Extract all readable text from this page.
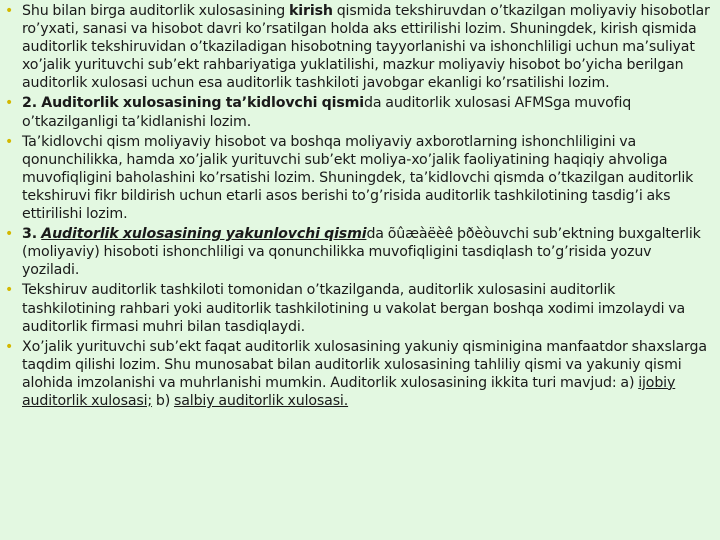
• Shu bilan birga auditorlik xulosasining kirish qismida tekshiruvdan o’tkazilgan moliyaviy hisobotlar ro’yxati, sanasi va hisobot davri ko’rsatilgan holda aks ettirilishi lozim. Shuningdek, kirish qismida auditorlik tekshiruvidan o’tkaziladigan hisobotning tayyorlanishi va ishonchliligi uchun ma’suliyat xo’jalik yurituvchi sub’ekt rahbariyatiga yuklatilishi, mazkur moliyaviy hisobot bo’yicha berilgan auditorlik xulosasi uchun esa auditorlik tashkiloti javobgar ekanligi ko’rsatilishi lozim.
• 2. Auditorlik xulosasining ta’kidlovchi qismida auditorlik xulosasi AFMSga muvofiq o’tkazilganligi ta’kidlanishi lozim.
• Ta’kidlovchi qism moliyaviy hisobot va boshqa moliyaviy axborotlarning ishonchliligini va qonunchilikka, hamda xo’jalik yurituvchi sub’ekt moliya-xo’jalik faoliyatining haqiqiy ahvoliga muvofiqligini baholashini ko’rsatishi lozim. Shuningdek, ta’kidlovchi qismda o’tkazilgan auditorlik tekshiruvi fikr bildirish uchun etarli asos berishi to’g’risida auditorlik tashkilotining tasdig’i aks ettirilishi lozim.
• 3. Auditorlik xulosasining yakunlovchi qismida õûæàëèê þðèòuvchi sub’ektning buxgalterlik (moliyaviy) hisoboti ishonchliligi va qonunchilikka muvofiqligini tasdiqlash to’g’risida yozuv yoziladi.
• Tekshiruv auditorlik tashkiloti tomonidan o’tkazilganda, auditorlik xulosasini auditorlik tashkilotining rahbari yoki auditorlik tashkilotining u vakolat bergan boshqa xodimi imzolaydi va auditorlik firmasi muhri bilan tasdiqlaydi.
• Xo’jalik yurituvchi sub’ekt faqat auditorlik xulosasining yakuniy qisminigina manfaatdor shaxslarga taqdim qilishi lozim. Shu munosabat bilan auditorlik xulosasining tahliliy qismi va yakuniy qismi alohida imzolanishi va muhrlanishi mumkin. Auditorlik xulosasining ikkita turi mavjud: a) ijobiy auditorlik xulosasi; b) salbiy auditorlik xulosasi.
